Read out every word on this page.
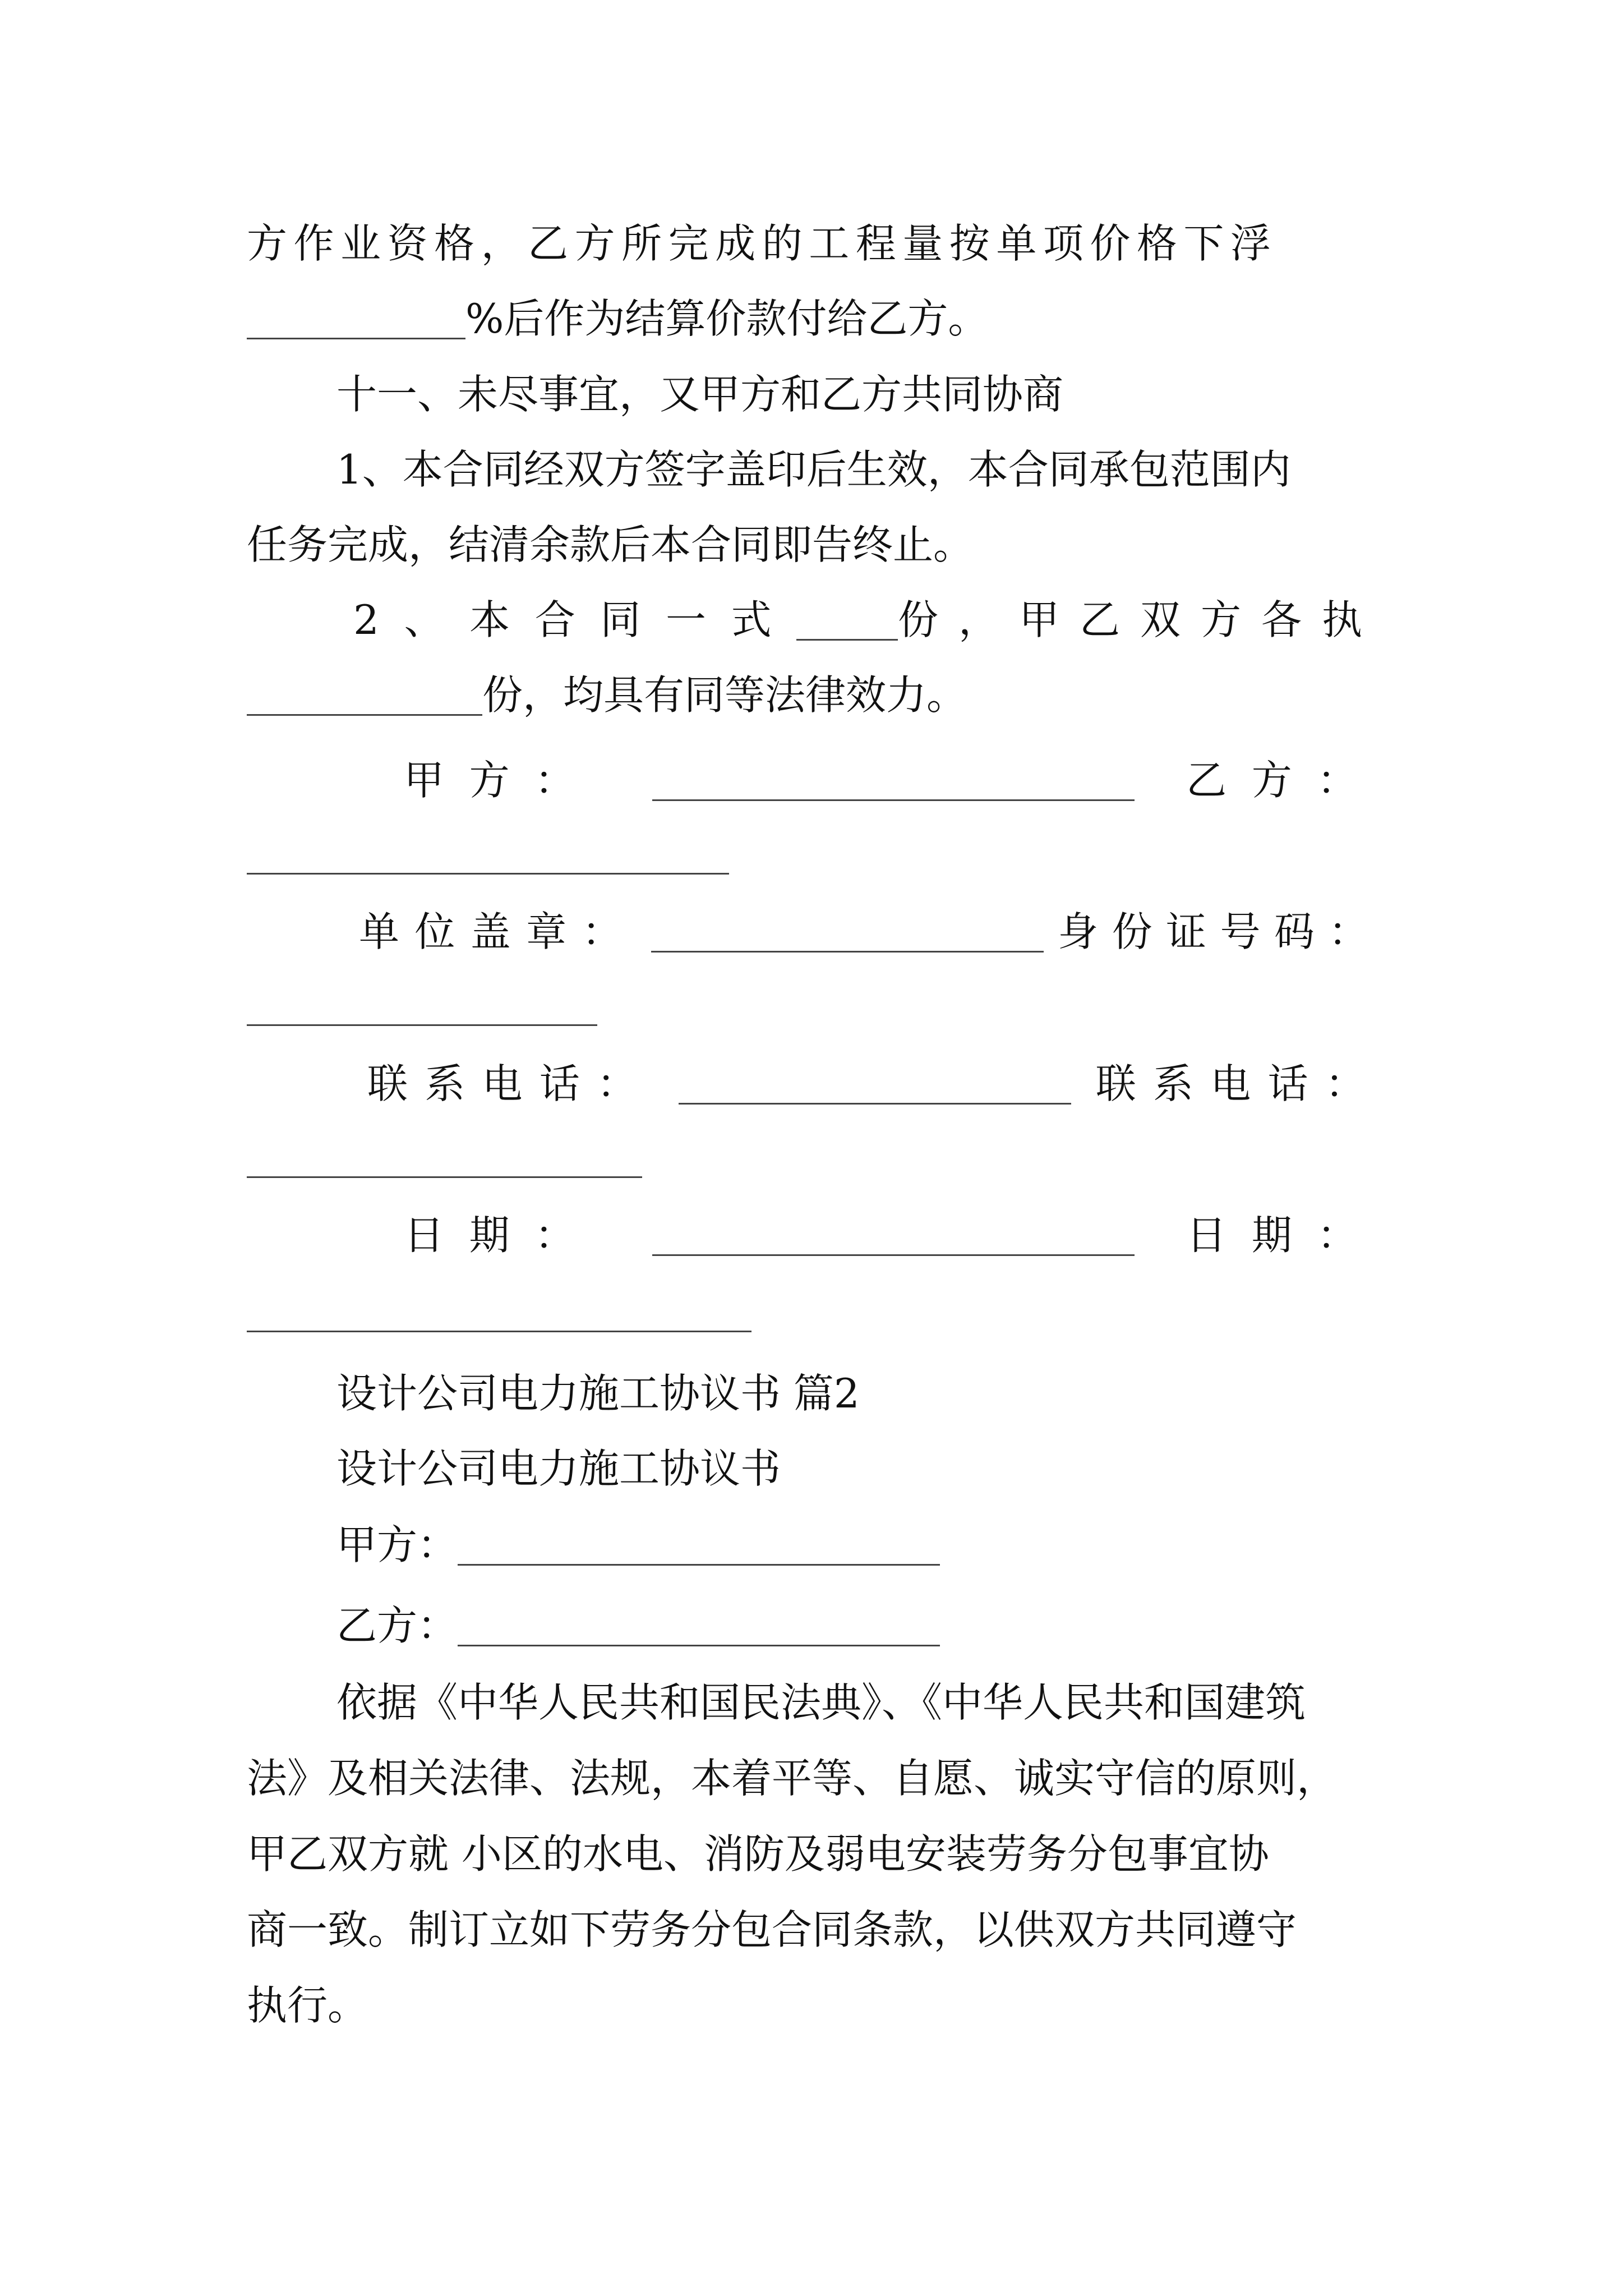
方作业资格，乙方所完成的工程量按单项价格下浮
%后作为结算价款付给乙方。
十一、未尽事宜，又甲方和乙方共同协商
1、本合同经双方签字盖印后生效，本合同承包范围内
任务完成，结清余款后本合同即告终止。
2、本合同一式	份，甲乙双方各执
份，均具有同等法律效力。
甲方：	乙方：
单位盖章：	身份证号码：
联系电话：	联系电话：
日期：	日期：
设计公司电力施工协议书 篇2
设计公司电力施工协议书
甲方：
乙方：
依据《中华人民共和国民法典》、《中华人民共和国建筑
法》及相关法律、法规，本着平等、自愿、诚实守信的原则，
甲乙双方就 小区的水电、消防及弱电安装劳务分包事宜协
商一致。制订立如下劳务分包合同条款，以供双方共同遵守
执行。
